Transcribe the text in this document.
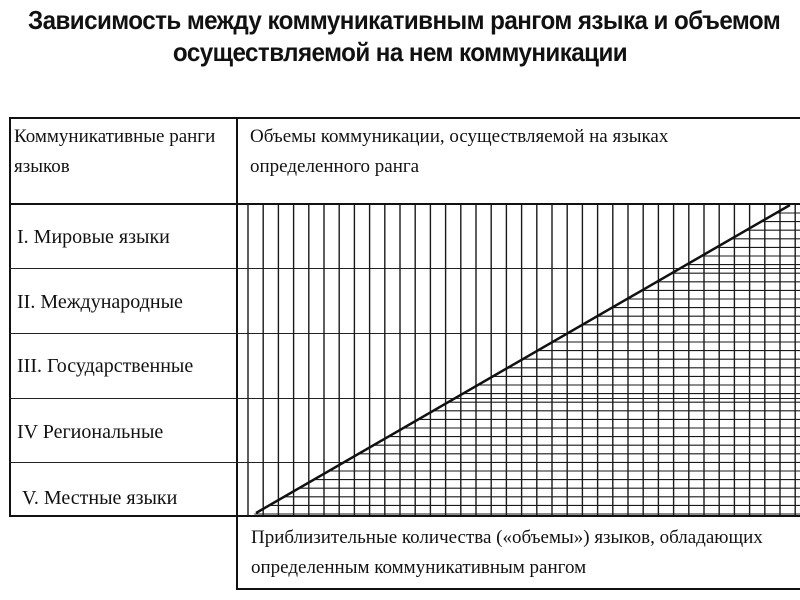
Зависимость между коммуникативным рангом языка и объемом
осуществляемой на нем коммуникации
Коммуникативные ранги языков
Объемы коммуникации, осуществляемой на языках определенного ранга
I. Мировые языки
II. Международные
III. Государственные
IV Региональные
V. Местные языки
Приблизительные количества («объемы») языков, обладающих определенным коммуникативным рангом
